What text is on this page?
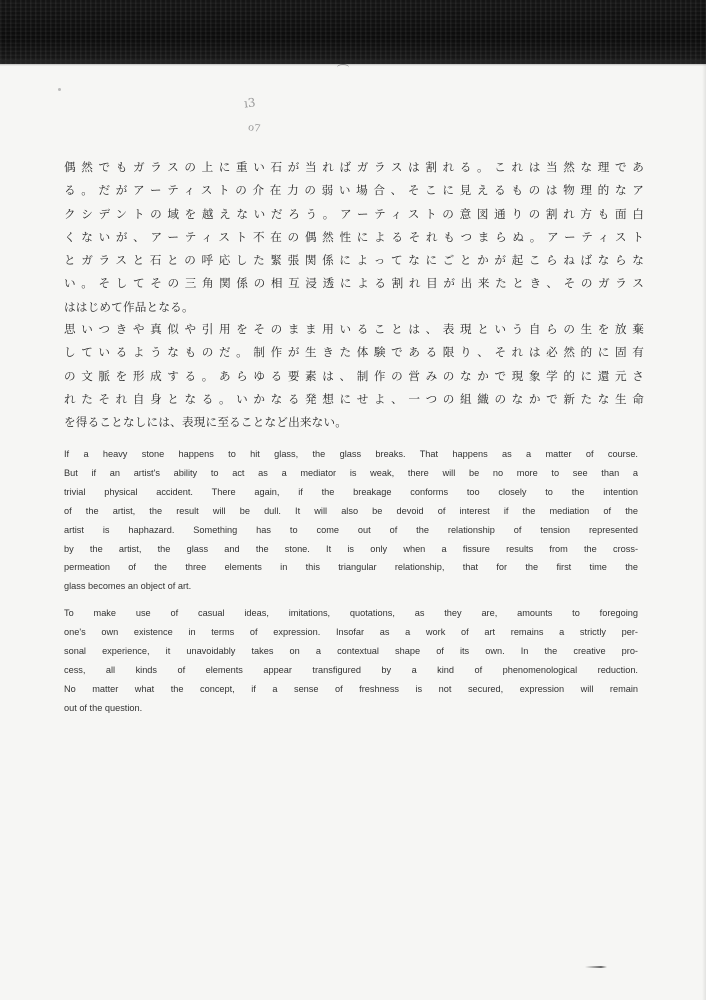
ı3
o7
偶然でもガラスの上に重い石が当ればガラスは割れる。これは当然な理であ
る。だがアーティストの介在力の弱い場合、そこに見えるものは物理的なア
クシデントの域を越えないだろう。アーティストの意図通りの割れ方も面白
くないが、アーティスト不在の偶然性によるそれもつまらぬ。アーティスト
とガラスと石との呼応した緊張関係によってなにごとかが起こらねばならな
い。そしてその三角関係の相互浸透による割れ目が出来たとき、そのガラス
ははじめて作品となる。
思いつきや真似や引用をそのまま用いることは、表現という自らの生を放棄
しているようなものだ。制作が生きた体験である限り、それは必然的に固有
の文脈を形成する。あらゆる要素は、制作の営みのなかで現象学的に還元さ
れたそれ自身となる。いかなる発想にせよ、一つの組織のなかで新たな生命
を得ることなしには、表現に至ることなど出来ない。
If a heavy stone happens to hit glass, the glass breaks. That happens as a matter of course.
But if an artist's ability to act as a mediator is weak, there will be no more to see than a
trivial physical accident. There again, if the breakage conforms too closely to the intention
of the artist, the result will be dull. It will also be devoid of interest if the mediation of the
artist is haphazard. Something has to come out of the relationship of tension represented
by the artist, the glass and the stone. It is only when a fissure results from the cross-
permeation of the three elements in this triangular relationship, that for the first time the
glass becomes an object of art.
To make use of casual ideas, imitations, quotations, as they are, amounts to foregoing
one's own existence in terms of expression. Insofar as a work of art remains a strictly per-
sonal experience, it unavoidably takes on a contextual shape of its own. In the creative pro-
cess, all kinds of elements appear transfigured by a kind of phenomenological reduction.
No matter what the concept, if a sense of freshness is not secured, expression will remain
out of the question.
